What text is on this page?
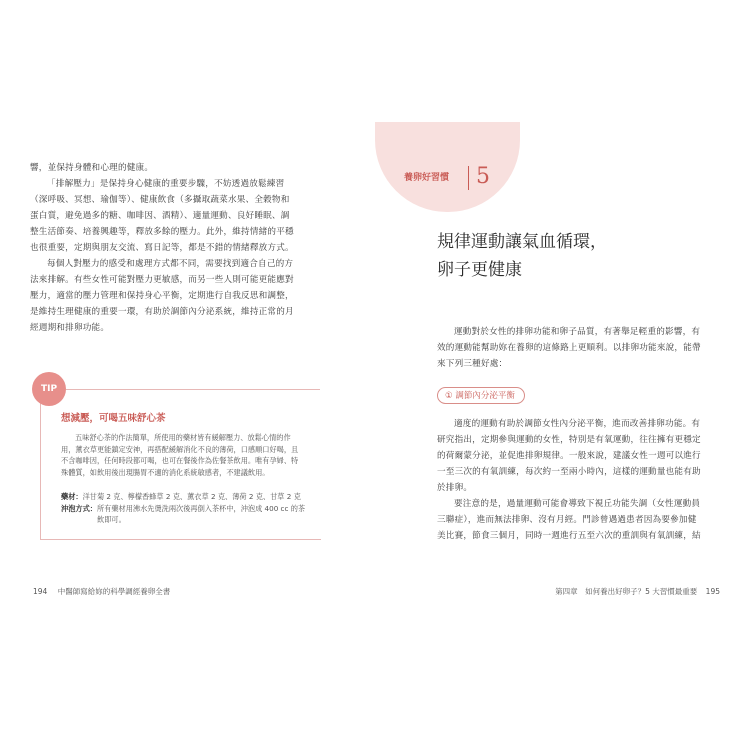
響，並保持身體和心理的健康。
「排解壓力」是保持身心健康的重要步驟，不妨透過放鬆練習
（深呼吸、冥想、瑜伽等）、健康飲食（多攝取蔬菜水果、全穀物和
蛋白質，避免過多的糖、咖啡因、酒精）、適量運動、良好睡眠、調
整生活節奏、培養興趣等，釋放多餘的壓力。此外，維持情緒的平穩
也很重要，定期與朋友交流、寫日記等，都是不錯的情緒釋放方式。
每個人對壓力的感受和處理方式都不同，需要找到適合自己的方
法來排解。有些女性可能對壓力更敏感，而另一些人則可能更能應對
壓力，適當的壓力管理和保持身心平衡，定期進行自我反思和調整，
是維持生理健康的重要一環，有助於調節內分泌系統，維持正常的月
經週期和排卵功能。
TIP
想減壓，可喝五味舒心茶
五味舒心茶的作法簡單，所使用的藥材皆有緩解壓力、放鬆心情的作
用，薰衣草更能鎮定安神，再搭配緩解消化不良的薄荷，口感順口好喝，且
不含咖啡因，任何時段都可喝，也可在餐後作為佐餐茶飲用。唯有孕婦、特
殊體質，如飲用後出現腸胃不適的消化系統敏感者，不建議飲用。
藥材：洋甘菊 2 克、檸檬香蜂草 2 克、薰衣草 2 克、薄荷 2 克、甘草 2 克
沖泡方式：所有藥材用沸水先燙洗兩次後再倒入茶杯中，沖泡成 400 cc 的茶
飲即可。
194 中醫師寫給妳的科學調經養卵全書
養卵好習慣 5
規律運動讓氣血循環，
卵子更健康
運動對於女性的排卵功能和卵子品質，有著舉足輕重的影響，有
效的運動能幫助妳在養卵的這條路上更順利。以排卵功能來說，能帶
來下列三種好處：
① 調節內分泌平衡
適度的運動有助於調節女性內分泌平衡，進而改善排卵功能。有
研究指出，定期參與運動的女性，特別是有氧運動，往往擁有更穩定
的荷爾蒙分泌，並促進排卵規律。一般來說，建議女性一週可以進行
一至三次的有氧訓練，每次約一至兩小時內，這樣的運動量也能有助
於排卵。
要注意的是，過量運動可能會導致下視丘功能失調（女性運動員
三聯症），進而無法排卵、沒有月經。門診曾遇過患者因為要參加健
美比賽，節食三個月，同時一週進行五至六次的重訓與有氧訓練，結
第四章　如何養出好卵子？5 大習慣最重要 195
